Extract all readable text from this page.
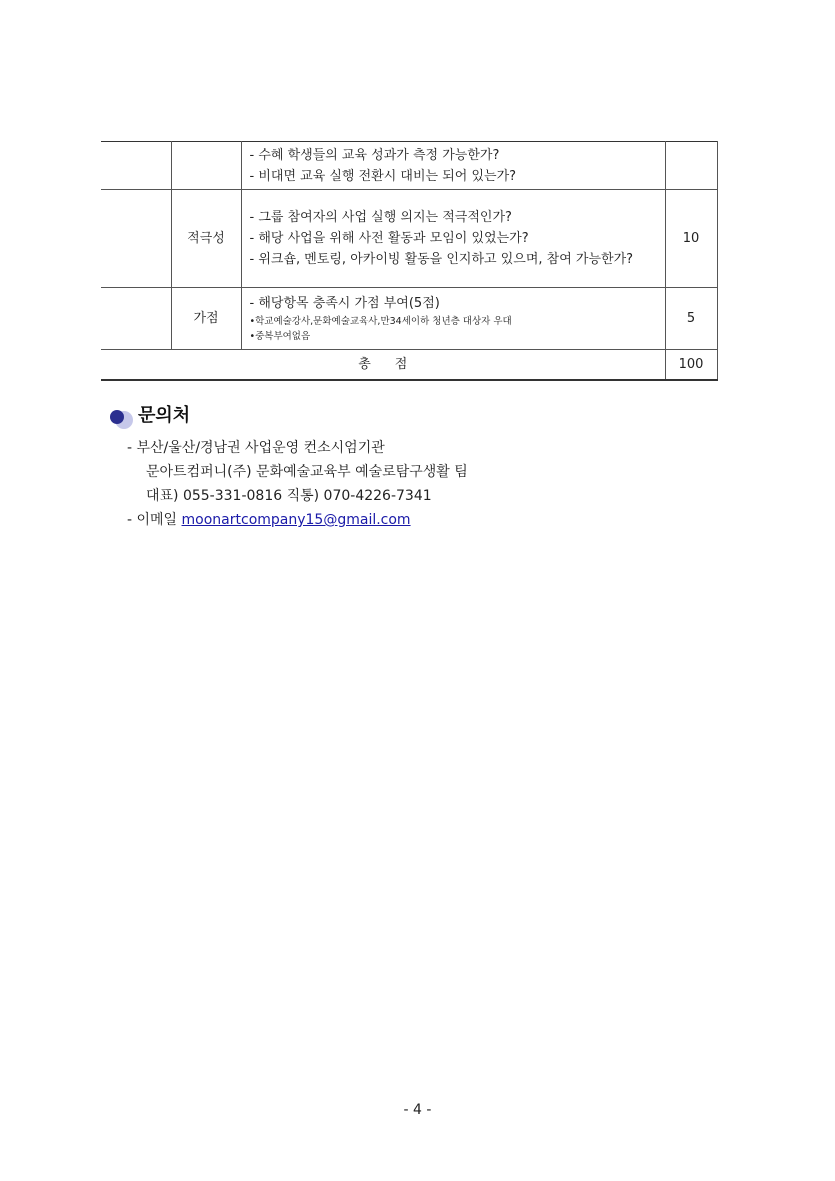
		- 수혜 학생들의 교육 성과가 측정 가능한가?
- 비대면 교육 실행 전환시 대비는 되어 있는가?	

	적극성	- 그룹 참여자의 사업 실행 의지는 적극적인가?
- 해당 사업을 위해 사전 활동과 모임이 있었는가?
- 위크숍, 멘토링, 아카이빙 활동을 인지하고 있으며, 참여 가능한가?	10
	가점	- 해당항목 충족시 가점 부여(5점)
•학교예술강사,문화예술교육사,만34세이하 청년층 대상자 우대
•중복부여없음	5
총 점			100
문의처
- 부산/울산/경남권 사업운영 컨소시엄기관
문아트컴퍼니(주) 문화예술교육부 예술로탐구생활 팀
대표) 055-331-0816 직통) 070-4226-7341
- 이메일 moonartcompany15@gmail.com
- 4 -
